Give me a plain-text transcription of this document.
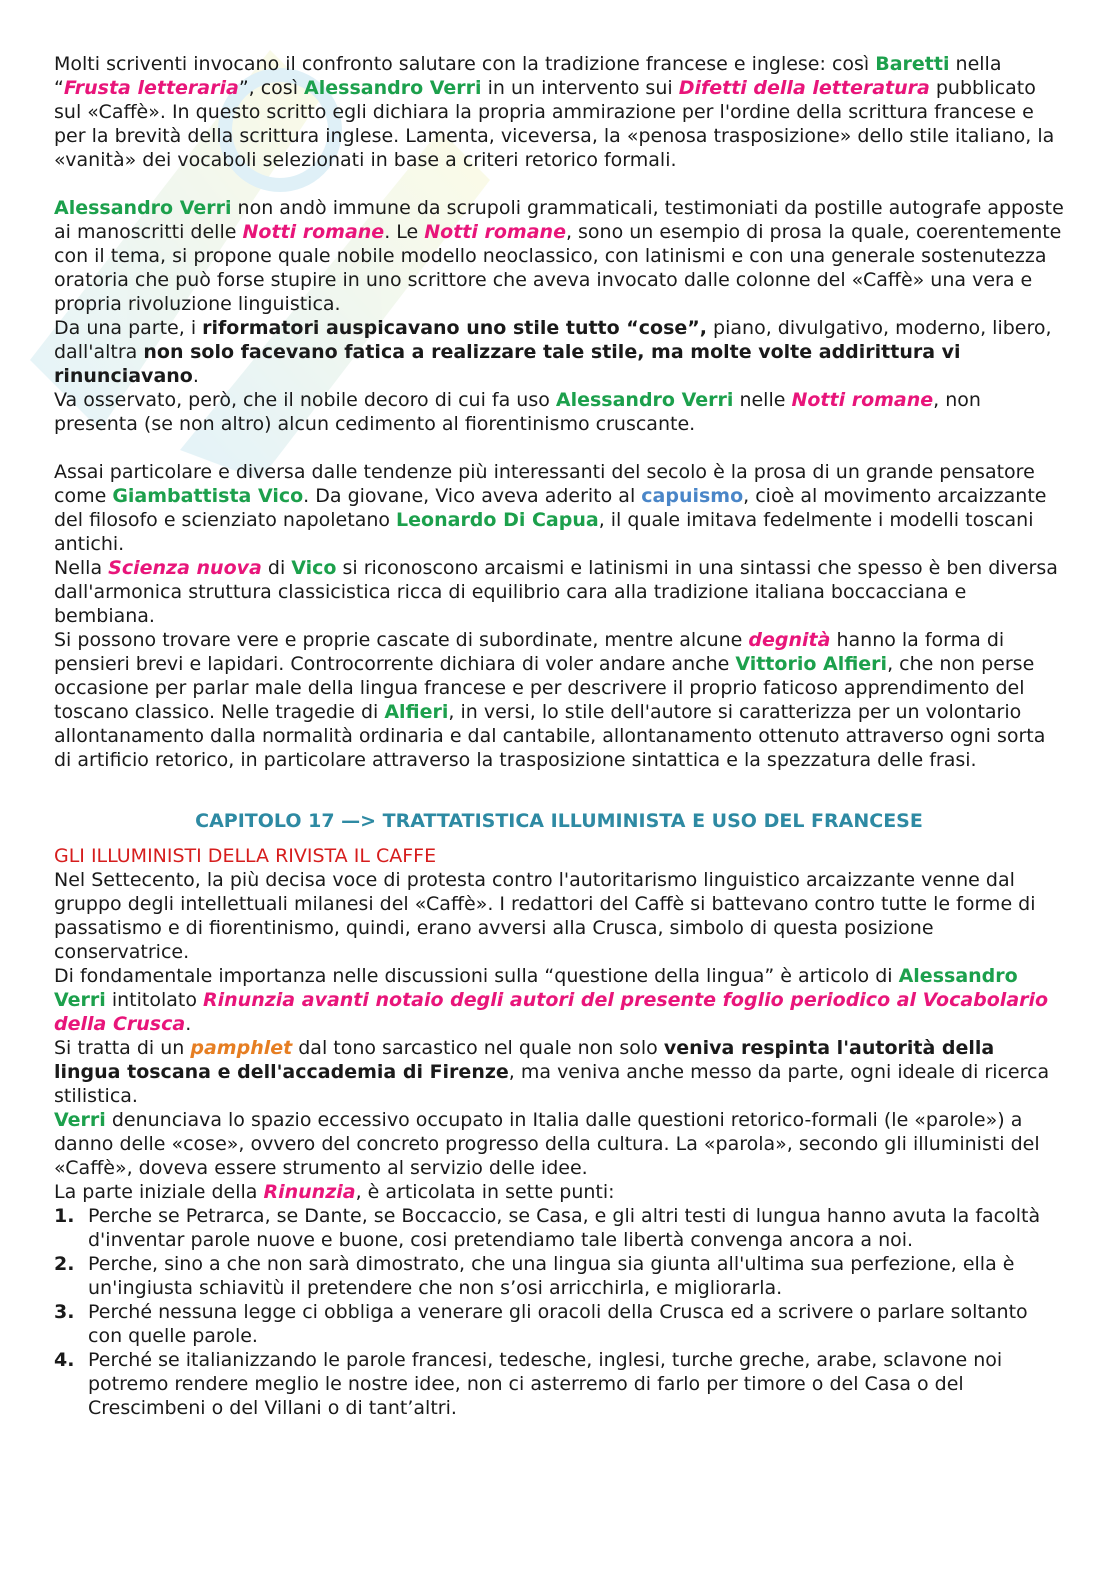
Molti scriventi invocano il confronto salutare con la tradizione francese e inglese: così Baretti nella “Frusta letteraria”, così Alessandro Verri in un intervento sui Difetti della letteratura pubblicato sul «Caffè». In questo scritto egli dichiara la propria ammirazione per l'ordine della scrittura francese e per la brevità della scrittura inglese. Lamenta, viceversa, la «penosa trasposizione» dello stile italiano, la «vanità» dei vocaboli selezionati in base a criteri retorico formali.

Alessandro Verri non andò immune da scrupoli grammaticali, testimoniati da postille autografe apposte ai manoscritti delle Notti romane. Le Notti romane, sono un esempio di prosa la quale, coerentemente con il tema, si propone quale nobile modello neoclassico, con latinismi e con una generale sostenutezza oratoria che può forse stupire in uno scrittore che aveva invocato dalle colonne del «Caffè» una vera e propria rivoluzione linguistica.

Da una parte, i riformatori auspicavano uno stile tutto “cose”, piano, divulgativo, moderno, libero, dall'altra non solo facevano fatica a realizzare tale stile, ma molte volte addirittura vi rinunciavano.

Va osservato, però, che il nobile decoro di cui fa uso Alessandro Verri nelle Notti romane, non presenta (se non altro) alcun cedimento al fiorentinismo cruscante.

Assai particolare e diversa dalle tendenze più interessanti del secolo è la prosa di un grande pensatore come Giambattista Vico. Da giovane, Vico aveva aderito al capuismo, cioè al movimento arcaizzante del filosofo e scienziato napoletano Leonardo Di Capua, il quale imitava fedelmente i modelli toscani antichi.

Nella Scienza nuova di Vico si riconoscono arcaismi e latinismi in una sintassi che spesso è ben diversa dall'armonica struttura classicistica ricca di equilibrio cara alla tradizione italiana boccacciana e bembiana.

Si possono trovare vere e proprie cascate di subordinate, mentre alcune degnità hanno la forma di pensieri brevi e lapidari. Controcorrente dichiara di voler andare anche Vittorio Alfieri, che non perse occasione per parlar male della lingua francese e per descrivere il proprio faticoso apprendimento del toscano classico. Nelle tragedie di Alfieri, in versi, lo stile dell'autore si caratterizza per un volontario allontanamento dalla normalità ordinaria e dal cantabile, allontanamento ottenuto attraverso ogni sorta di artificio retorico, in particolare attraverso la trasposizione sintattica e la spezzatura delle frasi.

CAPITOLO 17 —> TRATTATISTICA ILLUMINISTA E USO DEL FRANCESE

GLI ILLUMINISTI DELLA RIVISTA IL CAFFE

Nel Settecento, la più decisa voce di protesta contro l'autoritarismo linguistico arcaizzante venne dal gruppo degli intellettuali milanesi del «Caffè». I redattori del Caffè si battevano contro tutte le forme di passatismo e di fiorentinismo, quindi, erano avversi alla Crusca, simbolo di questa posizione conservatrice.

Di fondamentale importanza nelle discussioni sulla “questione della lingua” è articolo di Alessandro Verri intitolato Rinunzia avanti notaio degli autori del presente foglio periodico al Vocabolario della Crusca.

Si tratta di un pamphlet dal tono sarcastico nel quale non solo veniva respinta l'autorità della lingua toscana e dell'accademia di Firenze, ma veniva anche messo da parte, ogni ideale di ricerca stilistica.

Verri denunciava lo spazio eccessivo occupato in Italia dalle questioni retorico-formali (le «parole») a danno delle «cose», ovvero del concreto progresso della cultura. La «parola», secondo gli illuministi del «Caffè», doveva essere strumento al servizio delle idee.

La parte iniziale della Rinunzia, è articolata in sette punti:

1. Perche se Petrarca, se Dante, se Boccaccio, se Casa, e gli altri testi di lungua hanno avuta la facoltà d'inventar parole nuove e buone, cosi pretendiamo tale libertà convenga ancora a noi.
2. Perche, sino a che non sarà dimostrato, che una lingua sia giunta all'ultima sua perfezione, ella è un'ingiusta schiavitù il pretendere che non s’osi arricchirla, e migliorarla.
3. Perché nessuna legge ci obbliga a venerare gli oracoli della Crusca ed a scrivere o parlare soltanto con quelle parole.
4. Perché se italianizzando le parole francesi, tedesche, inglesi, turche greche, arabe, sclavone noi potremo rendere meglio le nostre idee, non ci asterremo di farlo per timore o del Casa o del Crescimbeni o del Villani o di tant’altri.
